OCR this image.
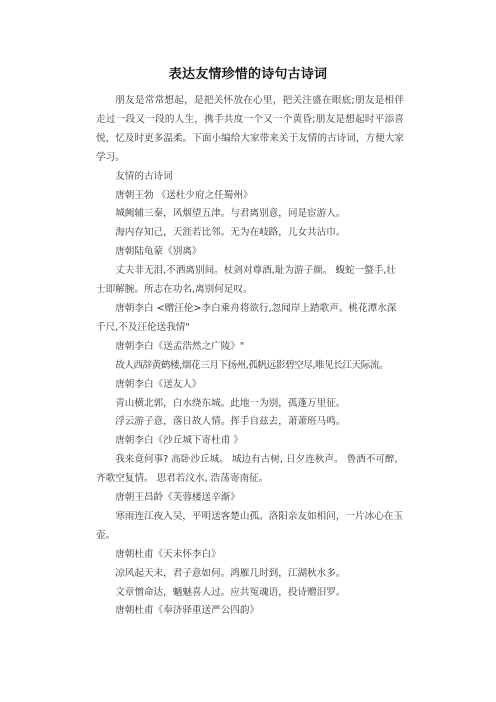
表达友情珍惜的诗句古诗词

朋友是常常想起，是把关怀放在心里，把关注盛在眼底;朋友是相伴走过一段又一段的人生，携手共度一个又一个黄昏;朋友是想起时平添喜悦，忆及时更多温柔。下面小编给大家带来关于友情的古诗词，方便大家学习。

友情的古诗词

唐朝王勃 《送杜少府之任蜀州》

城阙辅三秦，风烟望五津。与君离别意，同是宦游人。

海内存知己，天涯若比邻。无为在岐路，儿女共沾巾。

唐朝陆龟蒙《别离》

丈夫非无泪,不洒离别间。杖剑对尊酒,耻为游子颜。 蝮蛇一螫手,壮士即解腕。所志在功名,离别何足叹。

唐朝李白 <赠汪伦>李白乘舟将欲行,忽闻岸上踏歌声。桃花潭水深千尺,不及汪伦送我情"

唐朝李白《送孟浩然之广陵》"

故人西辞黄鹤楼,烟花三月下扬州,孤帆远影碧空尽,唯见长江天际流。

唐朝李白《送友人》

青山横北郭，白水绕东城。此地一为别，孤蓬万里征。

浮云游子意，落日故人情。挥手自兹去，萧萧班马鸣。

唐朝李白《沙丘城下寄杜甫 》

我来竟何事? 高卧沙丘城。 城边有古树, 日夕连秋声。 鲁酒不可醉, 齐歌空复情。 思君若汶水, 浩荡寄南征。

唐朝王昌龄《芙蓉楼送辛渐》

寒雨连江夜入吴，平明送客楚山孤。洛阳亲友如相问，一片冰心在玉壶。

唐朝杜甫《天末怀李白》

凉风起天末，君子意如何。鸿雁几时到，江湖秋水多。

文章憎命达，魑魅喜人过。应共冤魂语，投诗赠汨罗。

唐朝杜甫《奉济驿重送严公四韵》
